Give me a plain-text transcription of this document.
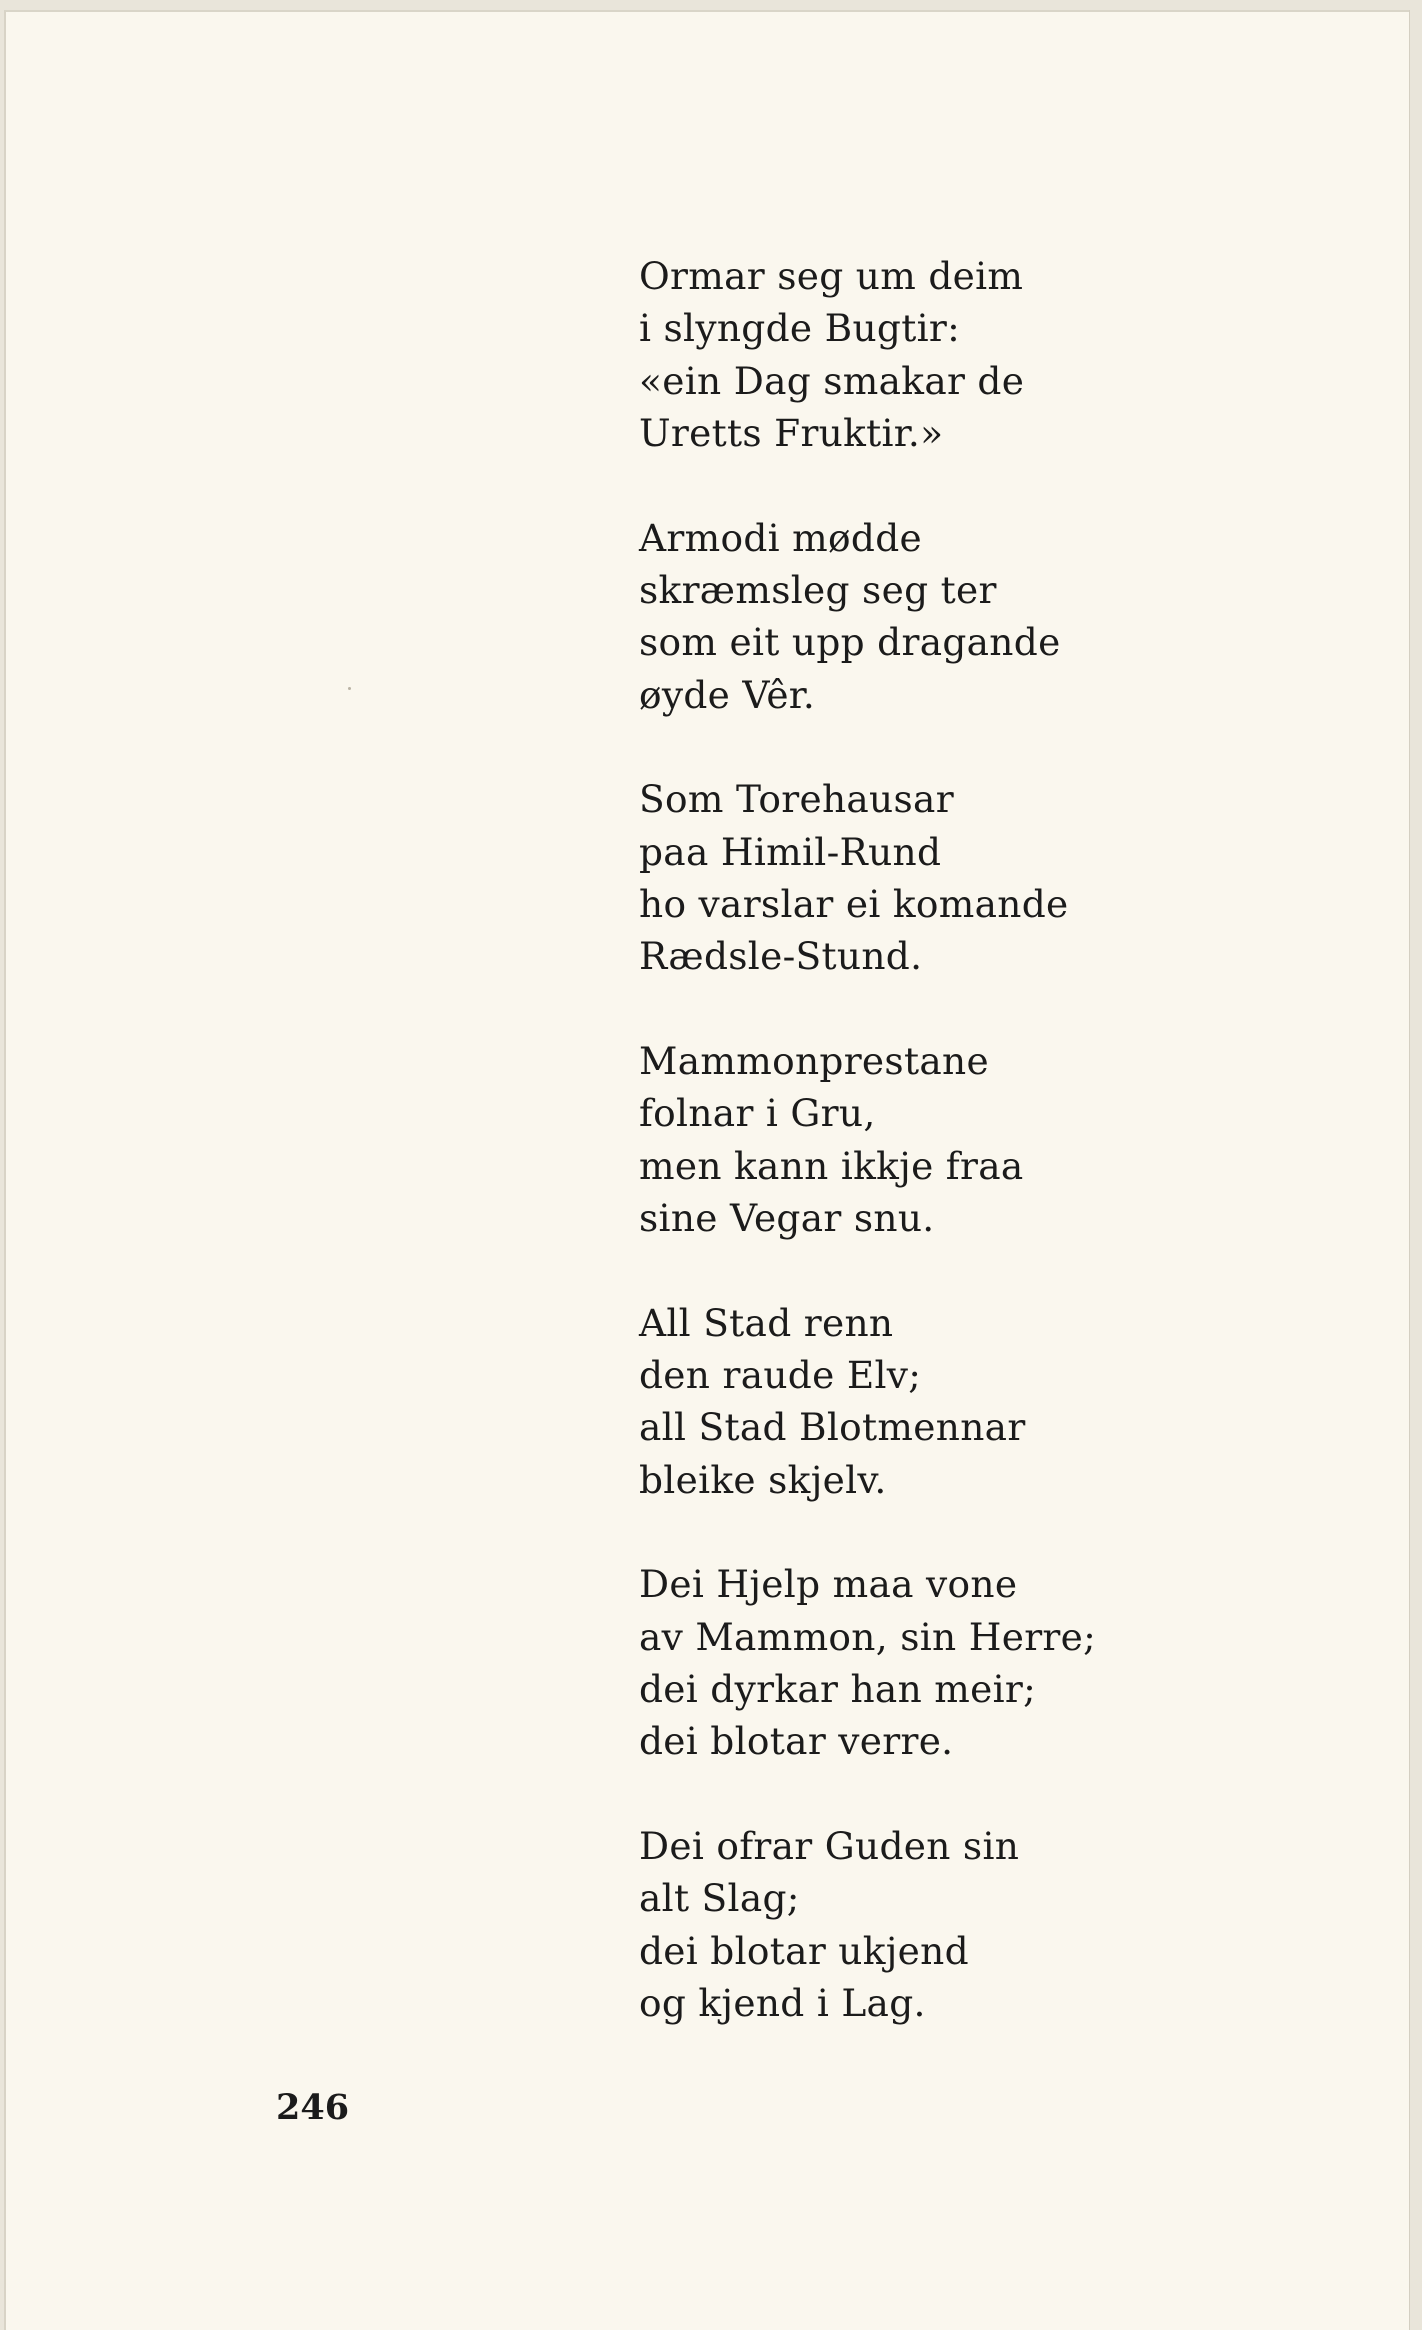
Ormar seg um deim
i slyngde Bugtir:
«ein Dag smakar de
Uretts Fruktir.»
Armodi mødde
skræmsleg seg ter
som eit upp dragande
øyde Vêr.
Som Torehausar
paa Himil-Rund
ho varslar ei komande
Rædsle-Stund.
Mammonprestane
folnar i Gru,
men kann ikkje fraa
sine Vegar snu.
All Stad renn
den raude Elv;
all Stad Blotmennar
bleike skjelv.
Dei Hjelp maa vone
av Mammon, sin Herre;
dei dyrkar han meir;
dei blotar verre.
Dei ofrar Guden sin
alt Slag;
dei blotar ukjend
og kjend i Lag.
246
